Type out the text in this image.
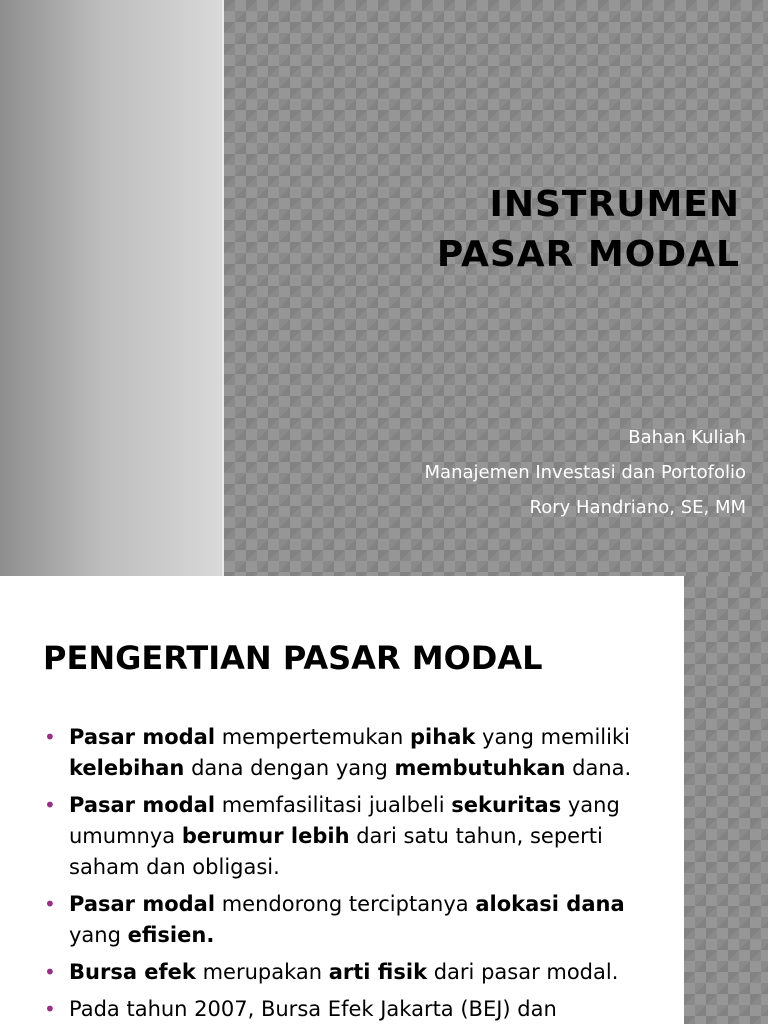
INSTRUMEN
PASAR MODAL
Bahan Kuliah
Manajemen Investasi dan Portofolio
Rory Handriano, SE, MM
PENGERTIAN PASAR MODAL
• Pasar modal mempertemukan pihak yang memiliki kelebihan dana dengan yang membutuhkan dana.
• Pasar modal memfasilitasi jualbeli sekuritas yang umumnya berumur lebih dari satu tahun, seperti saham dan obligasi.
• Pasar modal mendorong terciptanya alokasi dana yang efisien.
• Bursa efek merupakan arti fisik dari pasar modal.
• Pada tahun 2007, Bursa Efek Jakarta (BEJ) dan
